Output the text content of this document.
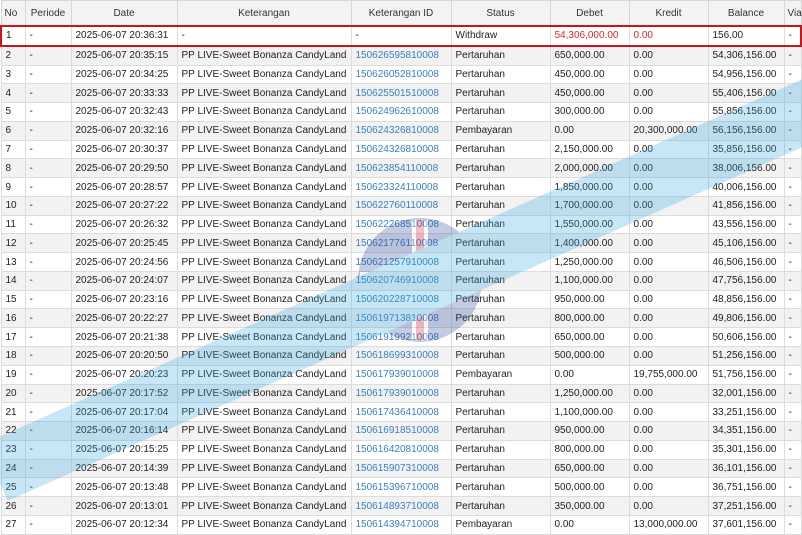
No	Periode	Date	Keterangan	Keterangan ID	Status	Debet	Kredit	Balance	Via
1	-	2025-06-07 20:36:31	-	-	Withdraw	54,306,000.00	0.00	156.00	-
2	-	2025-06-07 20:35:15	PP LIVE-Sweet Bonanza CandyLand	150626595810008	Pertaruhan	650,000.00	0.00	54,306,156.00	-
3	-	2025-06-07 20:34:25	PP LIVE-Sweet Bonanza CandyLand	150626052810008	Pertaruhan	450,000.00	0.00	54,956,156.00	-
4	-	2025-06-07 20:33:33	PP LIVE-Sweet Bonanza CandyLand	150625501510008	Pertaruhan	450,000.00	0.00	55,406,156.00	-
5	-	2025-06-07 20:32:43	PP LIVE-Sweet Bonanza CandyLand	150624962610008	Pertaruhan	300,000.00	0.00	55,856,156.00	-
6	-	2025-06-07 20:32:16	PP LIVE-Sweet Bonanza CandyLand	150624326810008	Pembayaran	0.00	20,300,000.00	56,156,156.00	-
7	-	2025-06-07 20:30:37	PP LIVE-Sweet Bonanza CandyLand	150624326810008	Pertaruhan	2,150,000.00	0.00	35,856,156.00	-
8	-	2025-06-07 20:29:50	PP LIVE-Sweet Bonanza CandyLand	150623854110008	Pertaruhan	2,000,000.00	0.00	38,006,156.00	-
9	-	2025-06-07 20:28:57	PP LIVE-Sweet Bonanza CandyLand	150623324110008	Pertaruhan	1,850,000.00	0.00	40,006,156.00	-
10	-	2025-06-07 20:27:22	PP LIVE-Sweet Bonanza CandyLand	150622760110008	Pertaruhan	1,700,000.00	0.00	41,856,156.00	-
11	-	2025-06-07 20:26:32	PP LIVE-Sweet Bonanza CandyLand	150622268510008	Pertaruhan	1,550,000.00	0.00	43,556,156.00	-
12	-	2025-06-07 20:25:45	PP LIVE-Sweet Bonanza CandyLand	150621776110008	Pertaruhan	1,400,000.00	0.00	45,106,156.00	-
13	-	2025-06-07 20:24:56	PP LIVE-Sweet Bonanza CandyLand	150621257910008	Pertaruhan	1,250,000.00	0.00	46,506,156.00	-
14	-	2025-06-07 20:24:07	PP LIVE-Sweet Bonanza CandyLand	150620746910008	Pertaruhan	1,100,000.00	0.00	47,756,156.00	-
15	-	2025-06-07 20:23:16	PP LIVE-Sweet Bonanza CandyLand	150620228710008	Pertaruhan	950,000.00	0.00	48,856,156.00	-
16	-	2025-06-07 20:22:27	PP LIVE-Sweet Bonanza CandyLand	150619713810008	Pertaruhan	800,000.00	0.00	49,806,156.00	-
17	-	2025-06-07 20:21:38	PP LIVE-Sweet Bonanza CandyLand	150619199210008	Pertaruhan	650,000.00	0.00	50,606,156.00	-
18	-	2025-06-07 20:20:50	PP LIVE-Sweet Bonanza CandyLand	150618699310008	Pertaruhan	500,000.00	0.00	51,256,156.00	-
19	-	2025-06-07 20:20:23	PP LIVE-Sweet Bonanza CandyLand	150617939010008	Pembayaran	0.00	19,755,000.00	51,756,156.00	-
20	-	2025-06-07 20:17:52	PP LIVE-Sweet Bonanza CandyLand	150617939010008	Pertaruhan	1,250,000.00	0.00	32,001,156.00	-
21	-	2025-06-07 20:17:04	PP LIVE-Sweet Bonanza CandyLand	150617436410008	Pertaruhan	1,100,000.00	0.00	33,251,156.00	-
22	-	2025-06-07 20:16:14	PP LIVE-Sweet Bonanza CandyLand	150616918510008	Pertaruhan	950,000.00	0.00	34,351,156.00	-
23	-	2025-06-07 20:15:25	PP LIVE-Sweet Bonanza CandyLand	150616420810008	Pertaruhan	800,000.00	0.00	35,301,156.00	-
24	-	2025-06-07 20:14:39	PP LIVE-Sweet Bonanza CandyLand	150615907310008	Pertaruhan	650,000.00	0.00	36,101,156.00	-
25	-	2025-06-07 20:13:48	PP LIVE-Sweet Bonanza CandyLand	150615396710008	Pertaruhan	500,000.00	0.00	36,751,156.00	-
26	-	2025-06-07 20:13:01	PP LIVE-Sweet Bonanza CandyLand	150614893710008	Pertaruhan	350,000.00	0.00	37,251,156.00	-
27	-	2025-06-07 20:12:34	PP LIVE-Sweet Bonanza CandyLand	150614394710008	Pembayaran	0.00	13,000,000.00	37,601,156.00	-
